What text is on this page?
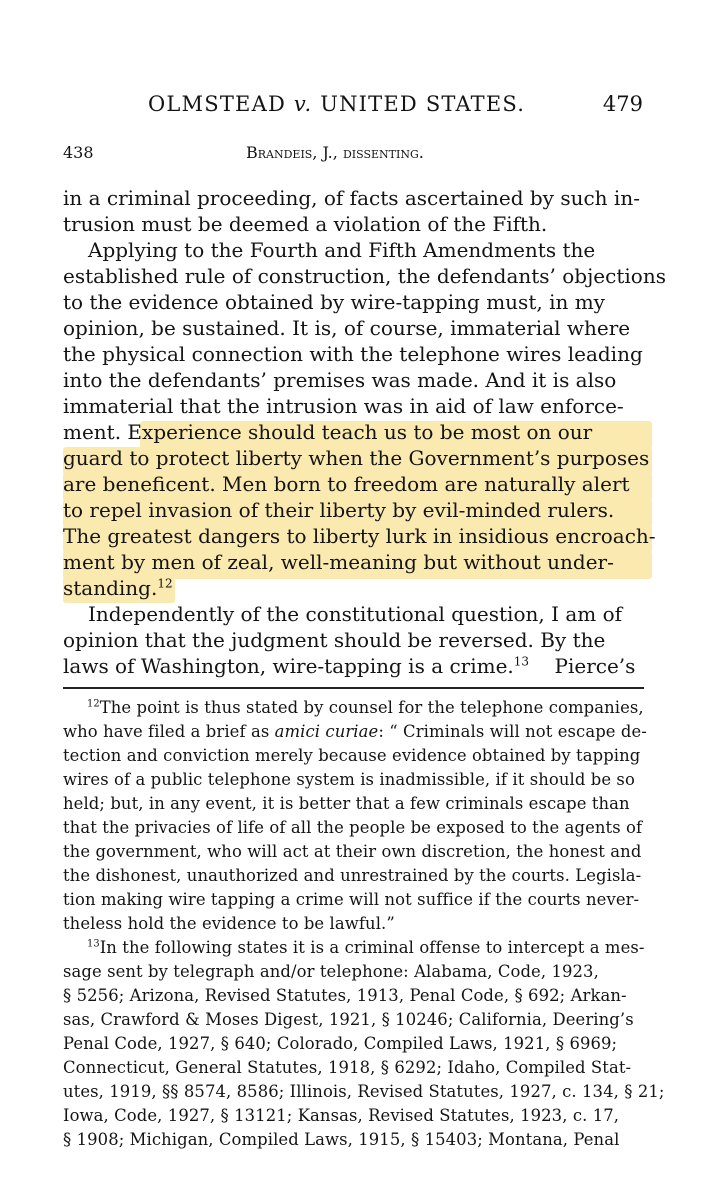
OLMSTEAD v. UNITED STATES.	479
438	Brandeis, J., dissenting.
in a criminal proceeding, of facts ascertained by such in-
trusion must be deemed a violation of the Fifth.
Applying to the Fourth and Fifth Amendments the
established rule of construction, the defendants’ objections
to the evidence obtained by wire-tapping must, in my
opinion, be sustained. It is, of course, immaterial where
the physical connection with the telephone wires leading
into the defendants’ premises was made. And it is also
immaterial that the intrusion was in aid of law enforce-
ment. Experience should teach us to be most on our
guard to protect liberty when the Government’s purposes
are beneficent. Men born to freedom are naturally alert
to repel invasion of their liberty by evil-minded rulers.
The greatest dangers to liberty lurk in insidious encroach-
ment by men of zeal, well-meaning but without under-
standing.$^{12}$
Independently of the constitutional question, I am of
opinion that the judgment should be reversed. By the
laws of Washington, wire-tapping is a crime.$^{13}$ Pierce’s
$^{12}$The point is thus stated by counsel for the telephone companies,
who have filed a brief as amici curiae: “ Criminals will not escape de-
tection and conviction merely because evidence obtained by tapping
wires of a public telephone system is inadmissible, if it should be so
held; but, in any event, it is better that a few criminals escape than
that the privacies of life of all the people be exposed to the agents of
the government, who will act at their own discretion, the honest and
the dishonest, unauthorized and unrestrained by the courts. Legisla-
tion making wire tapping a crime will not suffice if the courts never-
theless hold the evidence to be lawful.”
$^{13}$In the following states it is a criminal offense to intercept a mes-
sage sent by telegraph and/or telephone: Alabama, Code, 1923,
§ 5256; Arizona, Revised Statutes, 1913, Penal Code, § 692; Arkan-
sas, Crawford & Moses Digest, 1921, § 10246; California, Deering’s
Penal Code, 1927, § 640; Colorado, Compiled Laws, 1921, § 6969;
Connecticut, General Statutes, 1918, § 6292; Idaho, Compiled Stat-
utes, 1919, §§ 8574, 8586; Illinois, Revised Statutes, 1927, c. 134, § 21;
Iowa, Code, 1927, § 13121; Kansas, Revised Statutes, 1923, c. 17,
§ 1908; Michigan, Compiled Laws, 1915, § 15403; Montana, Penal
